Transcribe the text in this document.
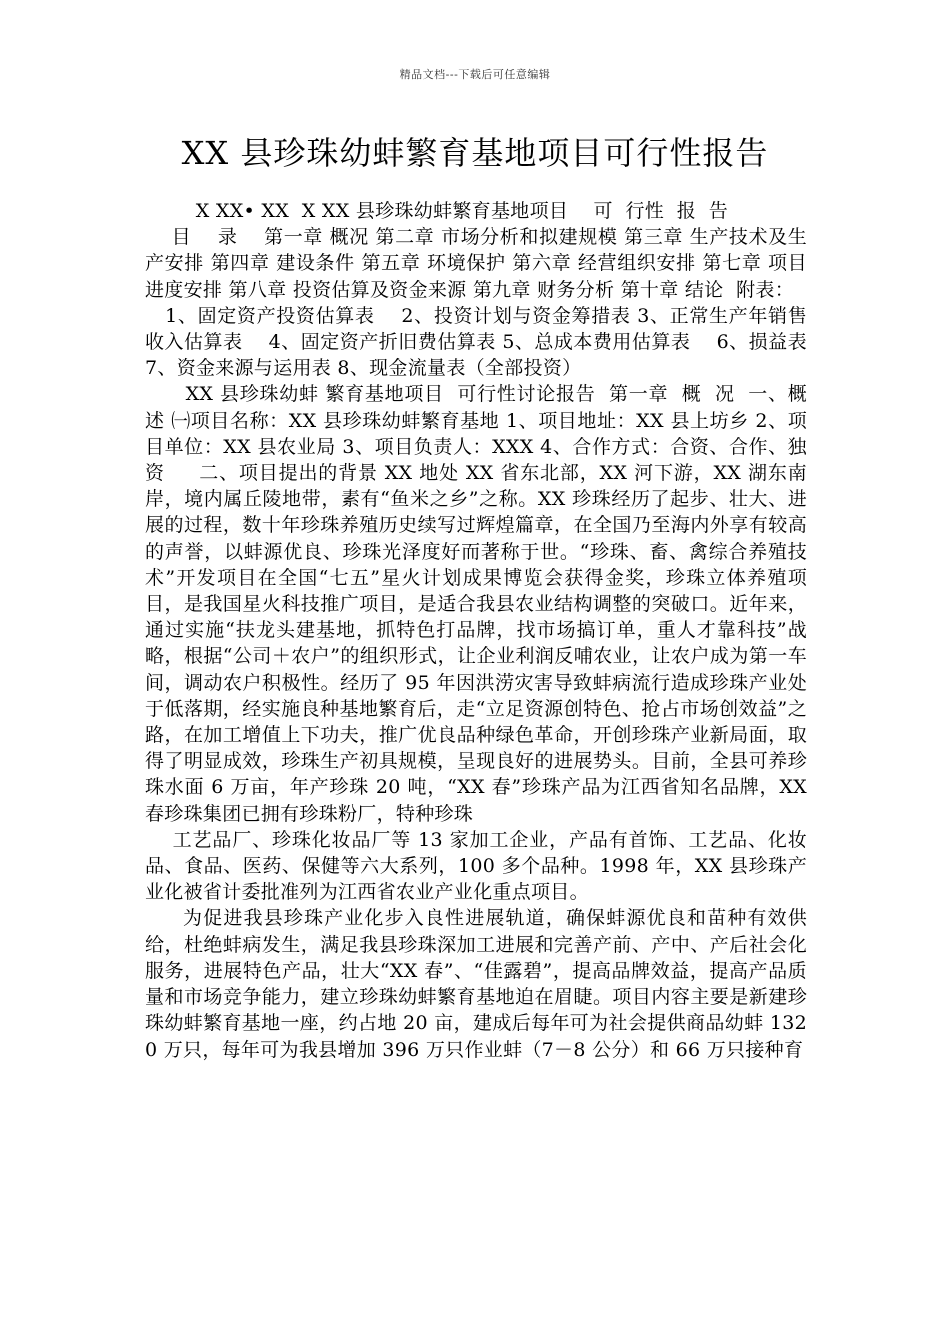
精品文档---下载后可任意编辑
XX 县珍珠幼蚌繁育基地项目可行性报告

X XX• XX  X XX 县珍珠幼蚌繁育基地项目    可  行性  报  告

目    录    第一章 概况 第二章 市场分析和拟建规模 第三章 生产技术及生产安排 第四章 建设条件 第五章 环境保护 第六章 经营组织安排 第七章 项目进度安排 第八章 投资估算及资金来源 第九章 财务分析 第十章 结论  附表：

1、固定资产投资估算表    2、投资计划与资金筹措表 3、正常生产年销售收入估算表    4、固定资产折旧费估算表 5、总成本费用估算表    6、损益表    7、资金来源与运用表 8、现金流量表（全部投资）

XX 县珍珠幼蚌 繁育基地项目  可行性讨论报告  第一章  概  况  一、概述 ㈠项目名称：XX 县珍珠幼蚌繁育基地 1、项目地址：XX 县上坊乡 2、项目单位：XX 县农业局 3、项目负责人：XXX 4、合作方式：合资、合作、独资     二、项目提出的背景 XX 地处 XX 省东北部，XX 河下游，XX 湖东南岸，境内属丘陵地带，素有“鱼米之乡”之称。XX 珍珠经历了起步、壮大、进展的过程，数十年珍珠养殖历史续写过辉煌篇章，在全国乃至海内外享有较高的声誉，以蚌源优良、珍珠光泽度好而著称于世。“珍珠、畜、禽综合养殖技术”开发项目在全国“七五”星火计划成果博览会获得金奖，珍珠立体养殖项目，是我国星火科技推广项目，是适合我县农业结构调整的突破口。近年来，通过实施“扶龙头建基地，抓特色打品牌，找市场搞订单，重人才靠科技”战略，根据“公司＋农户”的组织形式，让企业利润反哺农业，让农户成为第一车间，调动农户积极性。经历了 95 年因洪涝灾害导致蚌病流行造成珍珠产业处于低落期，经实施良种基地繁育后，走“立足资源创特色、抢占市场创效益”之路，在加工增值上下功夫，推广优良品种绿色革命，开创珍珠产业新局面，取得了明显成效，珍珠生产初具规模，呈现良好的进展势头。目前，全县可养珍珠水面 6 万亩，年产珍珠 20 吨，“XX 春”珍珠产品为江西省知名品牌，XX 春珍珠集团已拥有珍珠粉厂，特种珍珠

工艺品厂、珍珠化妆品厂等 13 家加工企业，产品有首饰、工艺品、化妆品、食品、医药、保健等六大系列，100 多个品种。1998 年，XX 县珍珠产业化被省计委批准列为江西省农业产业化重点项目。

为促进我县珍珠产业化步入良性进展轨道，确保蚌源优良和苗种有效供给，杜绝蚌病发生，满足我县珍珠深加工进展和完善产前、产中、产后社会化服务，进展特色产品，壮大“XX 春”、“佳露碧”，提高品牌效益，提高产品质量和市场竞争能力，建立珍珠幼蚌繁育基地迫在眉睫。项目内容主要是新建珍珠幼蚌繁育基地一座，约占地 20 亩，建成后每年可为社会提供商品幼蚌 1320 万只，每年可为我县增加 396 万只作业蚌（7－8 公分）和 66 万只接种育
